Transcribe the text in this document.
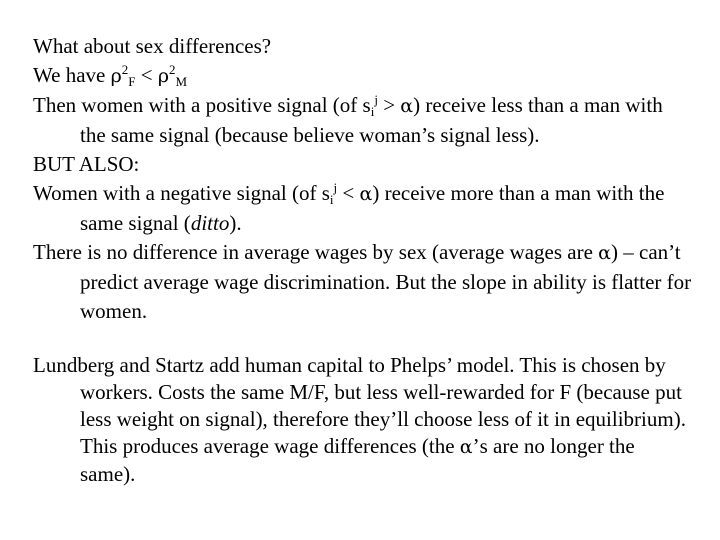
What about sex differences?

We have $\rho^2_F < \rho^2_M$

Then women with a positive signal (of $s_i^j > \alpha$) receive less than a man with the same signal (because believe woman’s signal less).

BUT ALSO:

Women with a negative signal (of $s_i^j < \alpha$) receive more than a man with the same signal (ditto).

There is no difference in average wages by sex (average wages are α) – can’t predict average wage discrimination. But the slope in ability is flatter for women.

Lundberg and Startz add human capital to Phelps’ model. This is chosen by workers. Costs the same M/F, but less well-rewarded for F (because put less weight on signal), therefore they’ll choose less of it in equilibrium). This produces average wage differences (the α’s are no longer the same).
